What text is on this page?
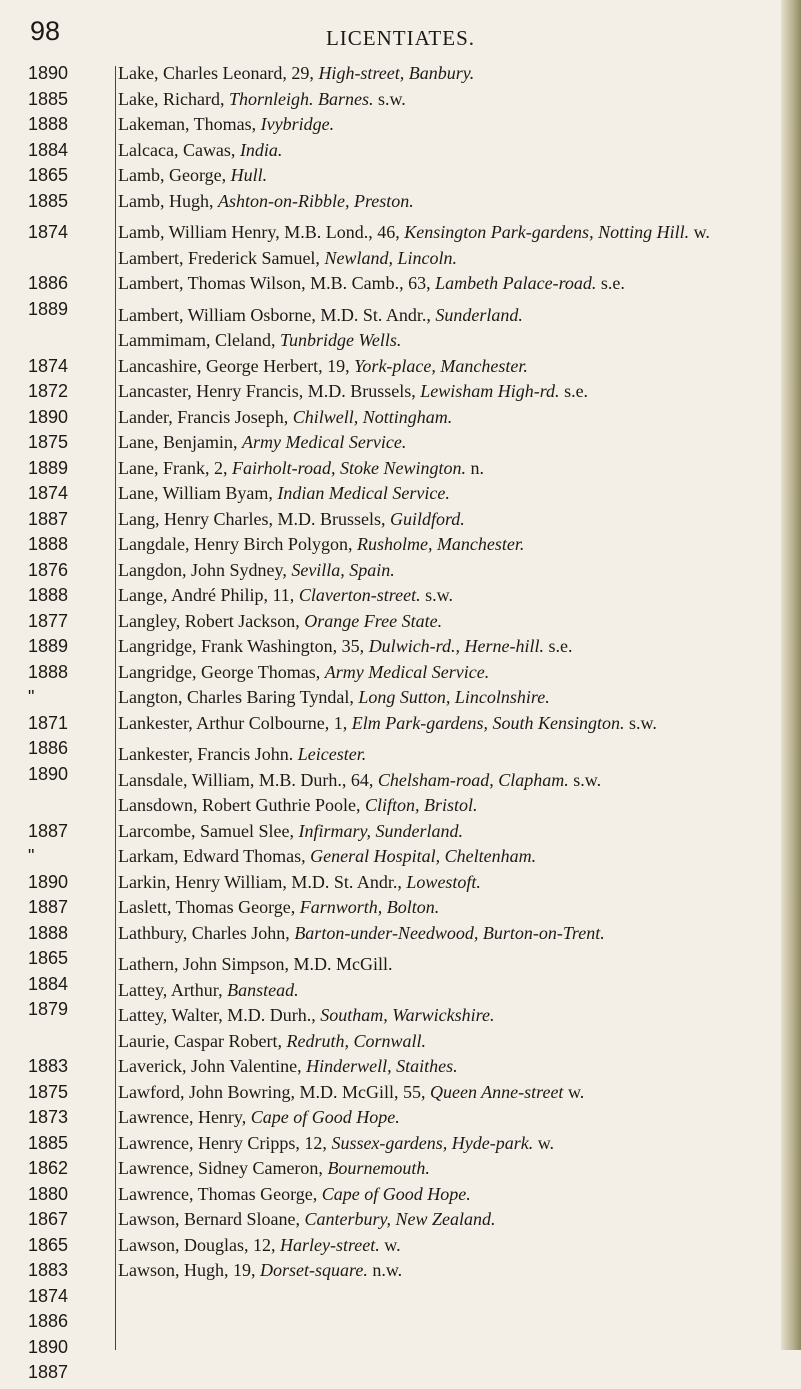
98	LICENTIATES.
1890
1885
1888
1884
1865
1885
1874
1886
1889
1874
1872
1890
1875
1889
1874
1887
1888
1876
1888
1877
1889
1888
"
1871
1886
1890
1887
"
1890
1887
1888
1865
1884
1879
1883
1875
1873
1885
1862
1880
1867
1865
1883
1874
1886
1890
1887
Lake, Charles Leonard, 29, High-street, Banbury.
Lake, Richard, Thornleigh. Barnes. s.w.
Lakeman, Thomas, Ivybridge.
Lalcaca, Cawas, India.
Lamb, George, Hull.
Lamb, Hugh, Ashton-on-Ribble, Preston.
Lamb, William Henry, M.B. Lond., 46, Kensington Park-gardens, Notting Hill. w.
Lambert, Frederick Samuel, Newland, Lincoln.
Lambert, Thomas Wilson, M.B. Camb., 63, Lambeth Palace-road. s.e.
Lambert, William Osborne, M.D. St. Andr., Sunderland.
Lammimam, Cleland, Tunbridge Wells.
Lancashire, George Herbert, 19, York-place, Manchester.
Lancaster, Henry Francis, M.D. Brussels, Lewisham High-rd. s.e.
Lander, Francis Joseph, Chilwell, Nottingham.
Lane, Benjamin, Army Medical Service.
Lane, Frank, 2, Fairholt-road, Stoke Newington. n.
Lane, William Byam, Indian Medical Service.
Lang, Henry Charles, M.D. Brussels, Guildford.
Langdale, Henry Birch Polygon, Rusholme, Manchester.
Langdon, John Sydney, Sevilla, Spain.
Lange, André Philip, 11, Claverton-street. s.w.
Langley, Robert Jackson, Orange Free State.
Langridge, Frank Washington, 35, Dulwich-rd., Herne-hill. s.e.
Langridge, George Thomas, Army Medical Service.
Langton, Charles Baring Tyndal, Long Sutton, Lincolnshire.
Lankester, Arthur Colbourne, 1, Elm Park-gardens, South Kensington. s.w.
Lankester, Francis John. Leicester.
Lansdale, William, M.B. Durh., 64, Chelsham-road, Clapham. s.w.
Lansdown, Robert Guthrie Poole, Clifton, Bristol.
Larcombe, Samuel Slee, Infirmary, Sunderland.
Larkam, Edward Thomas, General Hospital, Cheltenham.
Larkin, Henry William, M.D. St. Andr., Lowestoft.
Laslett, Thomas George, Farnworth, Bolton.
Lathbury, Charles John, Barton-under-Needwood, Burton-on-Trent.
Lathern, John Simpson, M.D. McGill.
Lattey, Arthur, Banstead.
Lattey, Walter, M.D. Durh., Southam, Warwickshire.
Laurie, Caspar Robert, Redruth, Cornwall.
Laverick, John Valentine, Hinderwell, Staithes.
Lawford, John Bowring, M.D. McGill, 55, Queen Anne-street w.
Lawrence, Henry, Cape of Good Hope.
Lawrence, Henry Cripps, 12, Sussex-gardens, Hyde-park. w.
Lawrence, Sidney Cameron, Bournemouth.
Lawrence, Thomas George, Cape of Good Hope.
Lawson, Bernard Sloane, Canterbury, New Zealand.
Lawson, Douglas, 12, Harley-street. w.
Lawson, Hugh, 19, Dorset-square. n.w.
